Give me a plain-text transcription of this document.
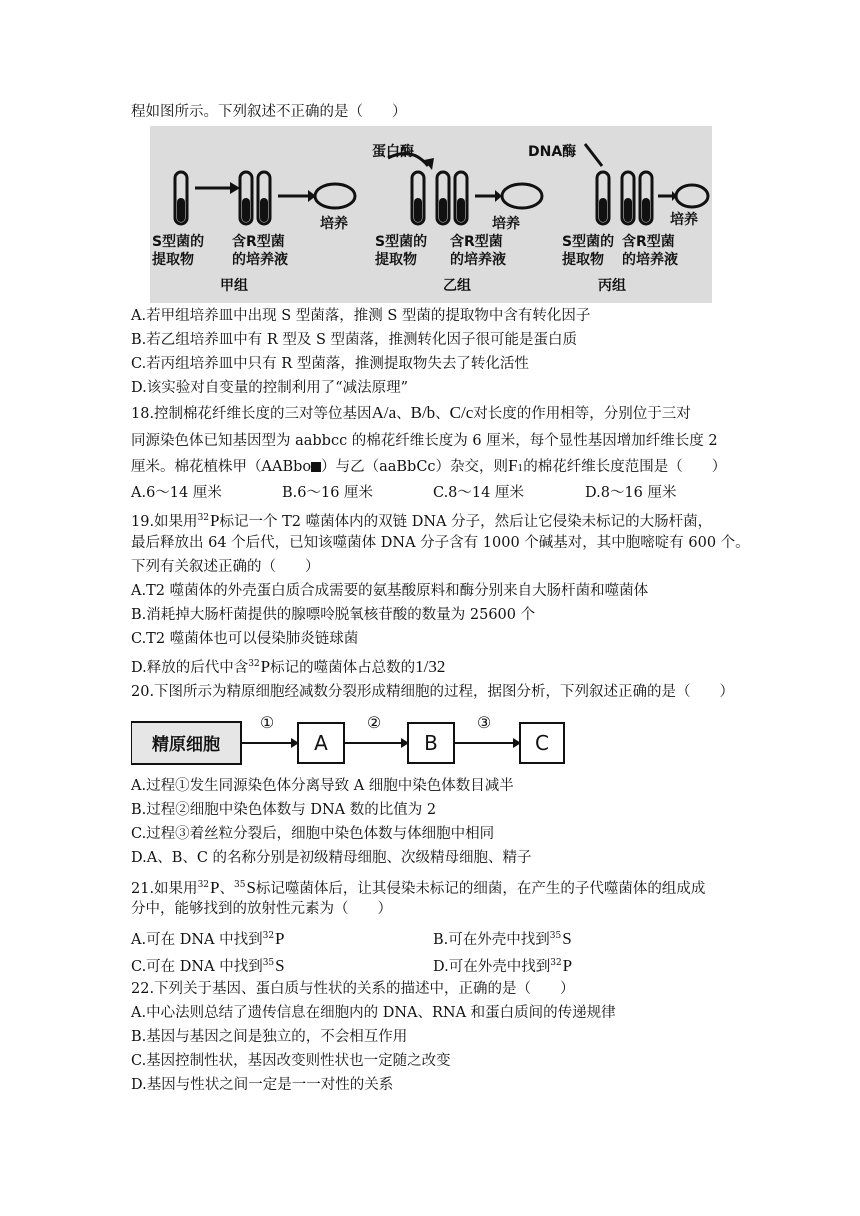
程如图所示。下列叙述不正确的是（　　）
S型菌的
提取物
含R型菌
的培养液
培养
甲组
蛋白酶
S型菌的
提取物
含R型菌
的培养液
培养
乙组
DNA酶
S型菌的
提取物
含R型菌
的培养液
培养
丙组
A.若甲组培养皿中出现 S 型菌落，推测 S 型菌的提取物中含有转化因子
B.若乙组培养皿中有 R 型及 S 型菌落，推测转化因子很可能是蛋白质
C.若丙组培养皿中只有 R 型菌落，推测提取物失去了转化活性
D.该实验对自变量的控制利用了“减法原理”
18.控制棉花纤维长度的三对等位基因A/a、B/b、C/c对长度的作用相等，分别位于三对
同源染色体已知基因型为 aabbcc 的棉花纤维长度为 6 厘米，每个显性基因增加纤维长度 2
厘米。棉花植株甲（AABbo ）与乙（aaBbCc）杂交，则F1的棉花纤维长度范围是（　　）
A.6～14 厘米	B.6～16 厘米	C.8～14 厘米	D.8～16 厘米
19.如果用$^{32}$P标记一个 T2 噬菌体内的双链 DNA 分子，然后让它侵染未标记的大肠杆菌，
最后释放出 64 个后代，已知该噬菌体 DNA 分子含有 1000 个碱基对，其中胞嘧啶有 600 个。
下列有关叙述正确的（　　）
A.T2 噬菌体的外壳蛋白质合成需要的氨基酸原料和酶分别来自大肠杆菌和噬菌体
B.消耗掉大肠杆菌提供的腺嘌呤脱氧核苷酸的数量为 25600 个
C.T2 噬菌体也可以侵染肺炎链球菌
D.释放的后代中含$^{32}$P标记的噬菌体占总数的1/32
20.下图所示为精原细胞经减数分裂形成精细胞的过程，据图分析，下列叙述正确的是（　　）
精原细胞
①	②	③
A	B	C
A.过程①发生同源染色体分离导致 A 细胞中染色体数目减半
B.过程②细胞中染色体数与 DNA 数的比值为 2
C.过程③着丝粒分裂后，细胞中染色体数与体细胞中相同
D.A、B、C 的名称分别是初级精母细胞、次级精母细胞、精子
21.如果用$^{32}$P、$^{35}$S标记噬菌体后，让其侵染未标记的细菌，在产生的子代噬菌体的组成成
分中，能够找到的放射性元素为（　　）
A.可在 DNA 中找到$^{32}$P	B.可在外壳中找到$^{35}$S
C.可在 DNA 中找到$^{35}$S	D.可在外壳中找到$^{32}$P
22.下列关于基因、蛋白质与性状的关系的描述中，正确的是（　　）
A.中心法则总结了遗传信息在细胞内的 DNA、RNA 和蛋白质间的传递规律
B.基因与基因之间是独立的，不会相互作用
C.基因控制性状，基因改变则性状也一定随之改变
D.基因与性状之间一定是一一对性的关系
